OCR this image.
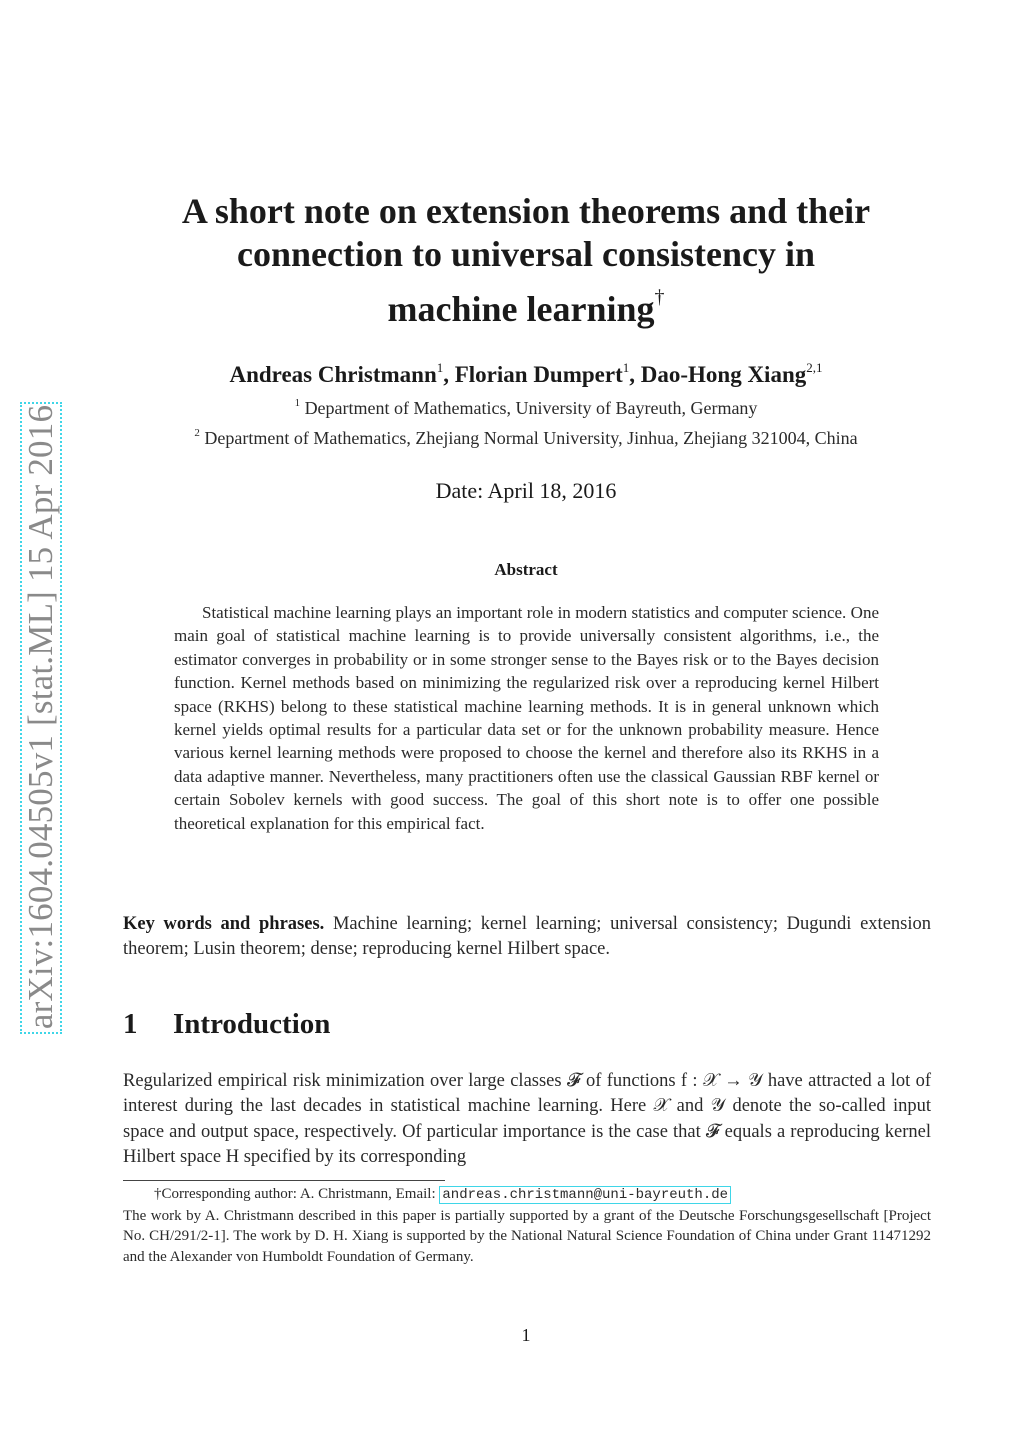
arXiv:1604.04505v1 [stat.ML] 15 Apr 2016
A short note on extension theorems and their
connection to universal consistency in
machine learning†
Andreas Christmann$^1$, Florian Dumpert$^1$, Dao-Hong Xiang$^{2,1}$
$^1$ Department of Mathematics, University of Bayreuth, Germany
$^2$ Department of Mathematics, Zhejiang Normal University, Jinhua, Zhejiang 321004, China
Date: April 18, 2016
Abstract
Statistical machine learning plays an important role in modern statistics and computer science. One main goal of statistical machine learning is to provide universally consistent algorithms, i.e., the estimator converges in probability or in some stronger sense to the Bayes risk or to the Bayes decision function. Kernel methods based on minimizing the regularized risk over a reproducing kernel Hilbert space (RKHS) belong to these statistical machine learning methods. It is in general unknown which kernel yields optimal results for a particular data set or for the unknown probability measure. Hence various kernel learning methods were proposed to choose the kernel and therefore also its RKHS in a data adaptive manner. Nevertheless, many practitioners often use the classical Gaussian RBF kernel or certain Sobolev kernels with good success. The goal of this short note is to offer one possible theoretical explanation for this empirical fact.
Key words and phrases. Machine learning; kernel learning; universal consistency; Dugundi extension theorem; Lusin theorem; dense; reproducing kernel Hilbert space.
1 Introduction
Regularized empirical risk minimization over large classes 𝓕 of functions f : 𝒳 → 𝒴 have attracted a lot of interest during the last decades in statistical machine learning. Here 𝒳 and 𝒴 denote the so-called input space and output space, respectively. Of particular importance is the case that 𝓕 equals a reproducing kernel Hilbert space H specified by its corresponding
†Corresponding author: A. Christmann, Email: andreas.christmann@uni-bayreuth.de
The work by A. Christmann described in this paper is partially supported by a grant of the Deutsche Forschungsgesellschaft [Project No. CH/291/2-1]. The work by D. H. Xiang is supported by the National Natural Science Foundation of China under Grant 11471292 and the Alexander von Humboldt Foundation of Germany.
1
